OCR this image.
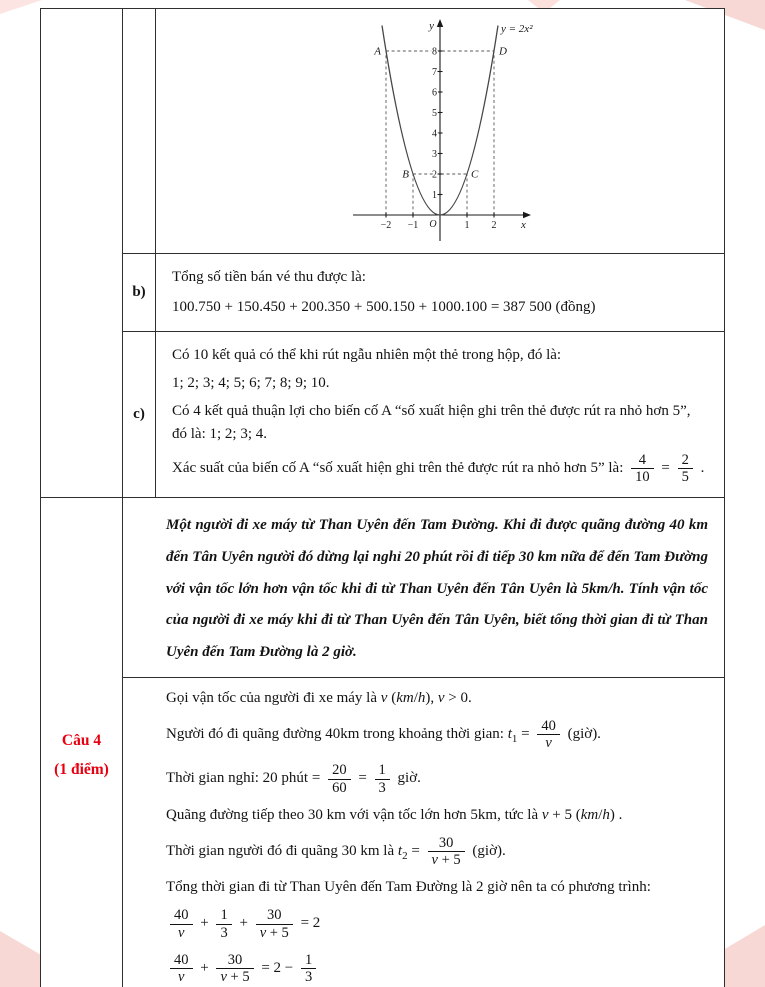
1
2
3
4
5
6
7
8
−2 −1	1 2
O
A	D
B	C
y
x
y = 2x²
b)
Tổng số tiền bán vé thu được là:
100.750 + 150.450 + 200.350 + 500.150 + 1000.100 = 387 500 (đồng)
c)
Có 10 kết quả có thể khi rút ngẫu nhiên một thẻ trong hộp, đó là:
1; 2; 3; 4; 5; 6; 7; 8; 9; 10.
Có 4 kết quả thuận lợi cho biến cố A “số xuất hiện ghi trên thẻ được rút ra nhỏ hơn 5”, đó là: 1; 2; 3; 4.
Xác suất của biến cố A “số xuất hiện ghi trên thẻ được rút ra nhỏ hơn 5” là: $\frac{4}{10} = \frac{2}{5}$ .
Câu 4
(1 điểm)
Một người đi xe máy từ Than Uyên đến Tam Đường. Khi đi được quãng đường 40 km đến Tân Uyên người đó dừng lại nghỉ 20 phút rồi đi tiếp 30 km nữa để đến Tam Đường với vận tốc lớn hơn vận tốc khi đi từ Than Uyên đến Tân Uyên là 5km/h. Tính vận tốc của người đi xe máy khi đi từ Than Uyên đến Tân Uyên, biết tổng thời gian đi từ Than Uyên đến Tam Đường là 2 giờ.
Gọi vận tốc của người đi xe máy là v (km/h), v > 0.
Người đó đi quãng đường 40km trong khoảng thời gian: $t_1 = \frac{40}{v}$ (giờ).
Thời gian nghỉ: 20 phút = $\frac{20}{60} = \frac{1}{3}$ giờ.
Quãng đường tiếp theo 30 km với vận tốc lớn hơn 5km, tức là v + 5 (km/h) .
Thời gian người đó đi quãng 30 km là $t_2 = \frac{30}{v + 5}$ (giờ).
Tổng thời gian đi từ Than Uyên đến Tam Đường là 2 giờ nên ta có phương trình:
$\frac{40}{v} + \frac{1}{3} + \frac{30}{v + 5} = 2$
$\frac{40}{v} + \frac{30}{v + 5} = 2 - \frac{1}{3}$
